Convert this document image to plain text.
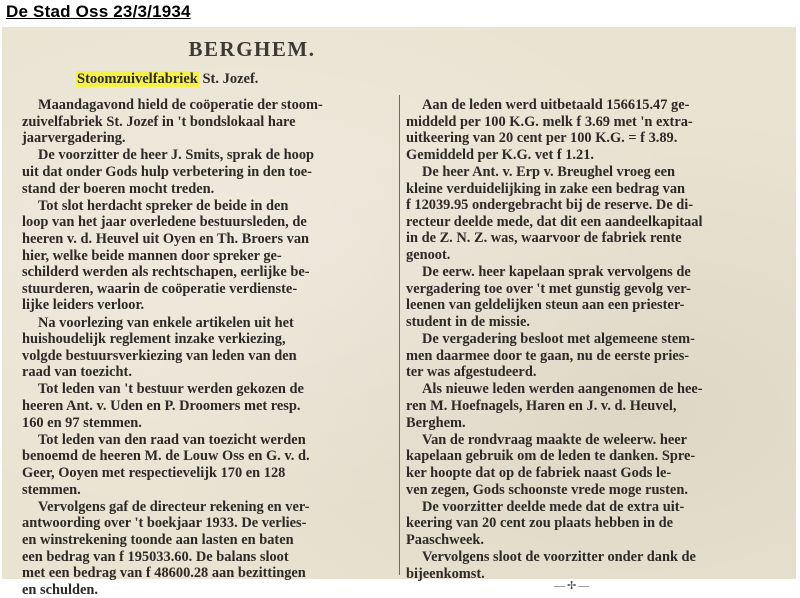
De Stad Oss 23/3/1934
BERGHEM.
Stoomzuivelfabriek St. Jozef.
Maandagavond hield de coöperatie der stoom-
zuivelfabriek St. Jozef in 't bondslokaal hare
jaarvergadering.
De voorzitter de heer J. Smits, sprak de hoop
uit dat onder Gods hulp verbetering in den toe-
stand der boeren mocht treden.
Tot slot herdacht spreker de beide in den
loop van het jaar overledene bestuursleden, de
heeren v. d. Heuvel uit Oyen en Th. Broers van
hier, welke beide mannen door spreker ge-
schilderd werden als rechtschapen, eerlijke be-
stuurderen, waarin de coöperatie verdienste-
lijke leiders verloor.
Na voorlezing van enkele artikelen uit het
huishoudelijk reglement inzake verkiezing,
volgde bestuursverkiezing van leden van den
raad van toezicht.
Tot leden van 't bestuur werden gekozen de
heeren Ant. v. Uden en P. Droomers met resp.
160 en 97 stemmen.
Tot leden van den raad van toezicht werden
benoemd de heeren M. de Louw Oss en G. v. d.
Geer, Ooyen met respectievelijk 170 en 128
stemmen.
Vervolgens gaf de directeur rekening en ver-
antwoording over 't boekjaar 1933. De verlies-
en winstrekening toonde aan lasten en baten
een bedrag van f 195033.60. De balans sloot
met een bedrag van f 48600.28 aan bezittingen
en schulden.
Aan de leden werd uitbetaald 156615.47 ge-
middeld per 100 K.G. melk f 3.69 met 'n extra-
uitkeering van 20 cent per 100 K.G. = f 3.89.
Gemiddeld per K.G. vet f 1.21.
De heer Ant. v. Erp v. Breughel vroeg een
kleine verduidelijking in zake een bedrag van
f 12039.95 ondergebracht bij de reserve. De di-
recteur deelde mede, dat dit een aandeelkapitaal
in de Z. N. Z. was, waarvoor de fabriek rente
genoot.
De eerw. heer kapelaan sprak vervolgens de
vergadering toe over 't met gunstig gevolg ver-
leenen van geldelijken steun aan een priester-
student in de missie.
De vergadering besloot met algemeene stem-
men daarmee door te gaan, nu de eerste pries-
ter was afgestudeerd.
Als nieuwe leden werden aangenomen de hee-
ren M. Hoefnagels, Haren en J. v. d. Heuvel,
Berghem.
Van de rondvraag maakte de weleerw. heer
kapelaan gebruik om de leden te danken. Spre-
ker hoopte dat op de fabriek naast Gods le-
ven zegen, Gods schoonste vrede moge rusten.
De voorzitter deelde mede dat de extra uit-
keering van 20 cent zou plaats hebben in de
Paaschweek.
Vervolgens sloot de voorzitter onder dank de
bijeenkomst.
—✢—
